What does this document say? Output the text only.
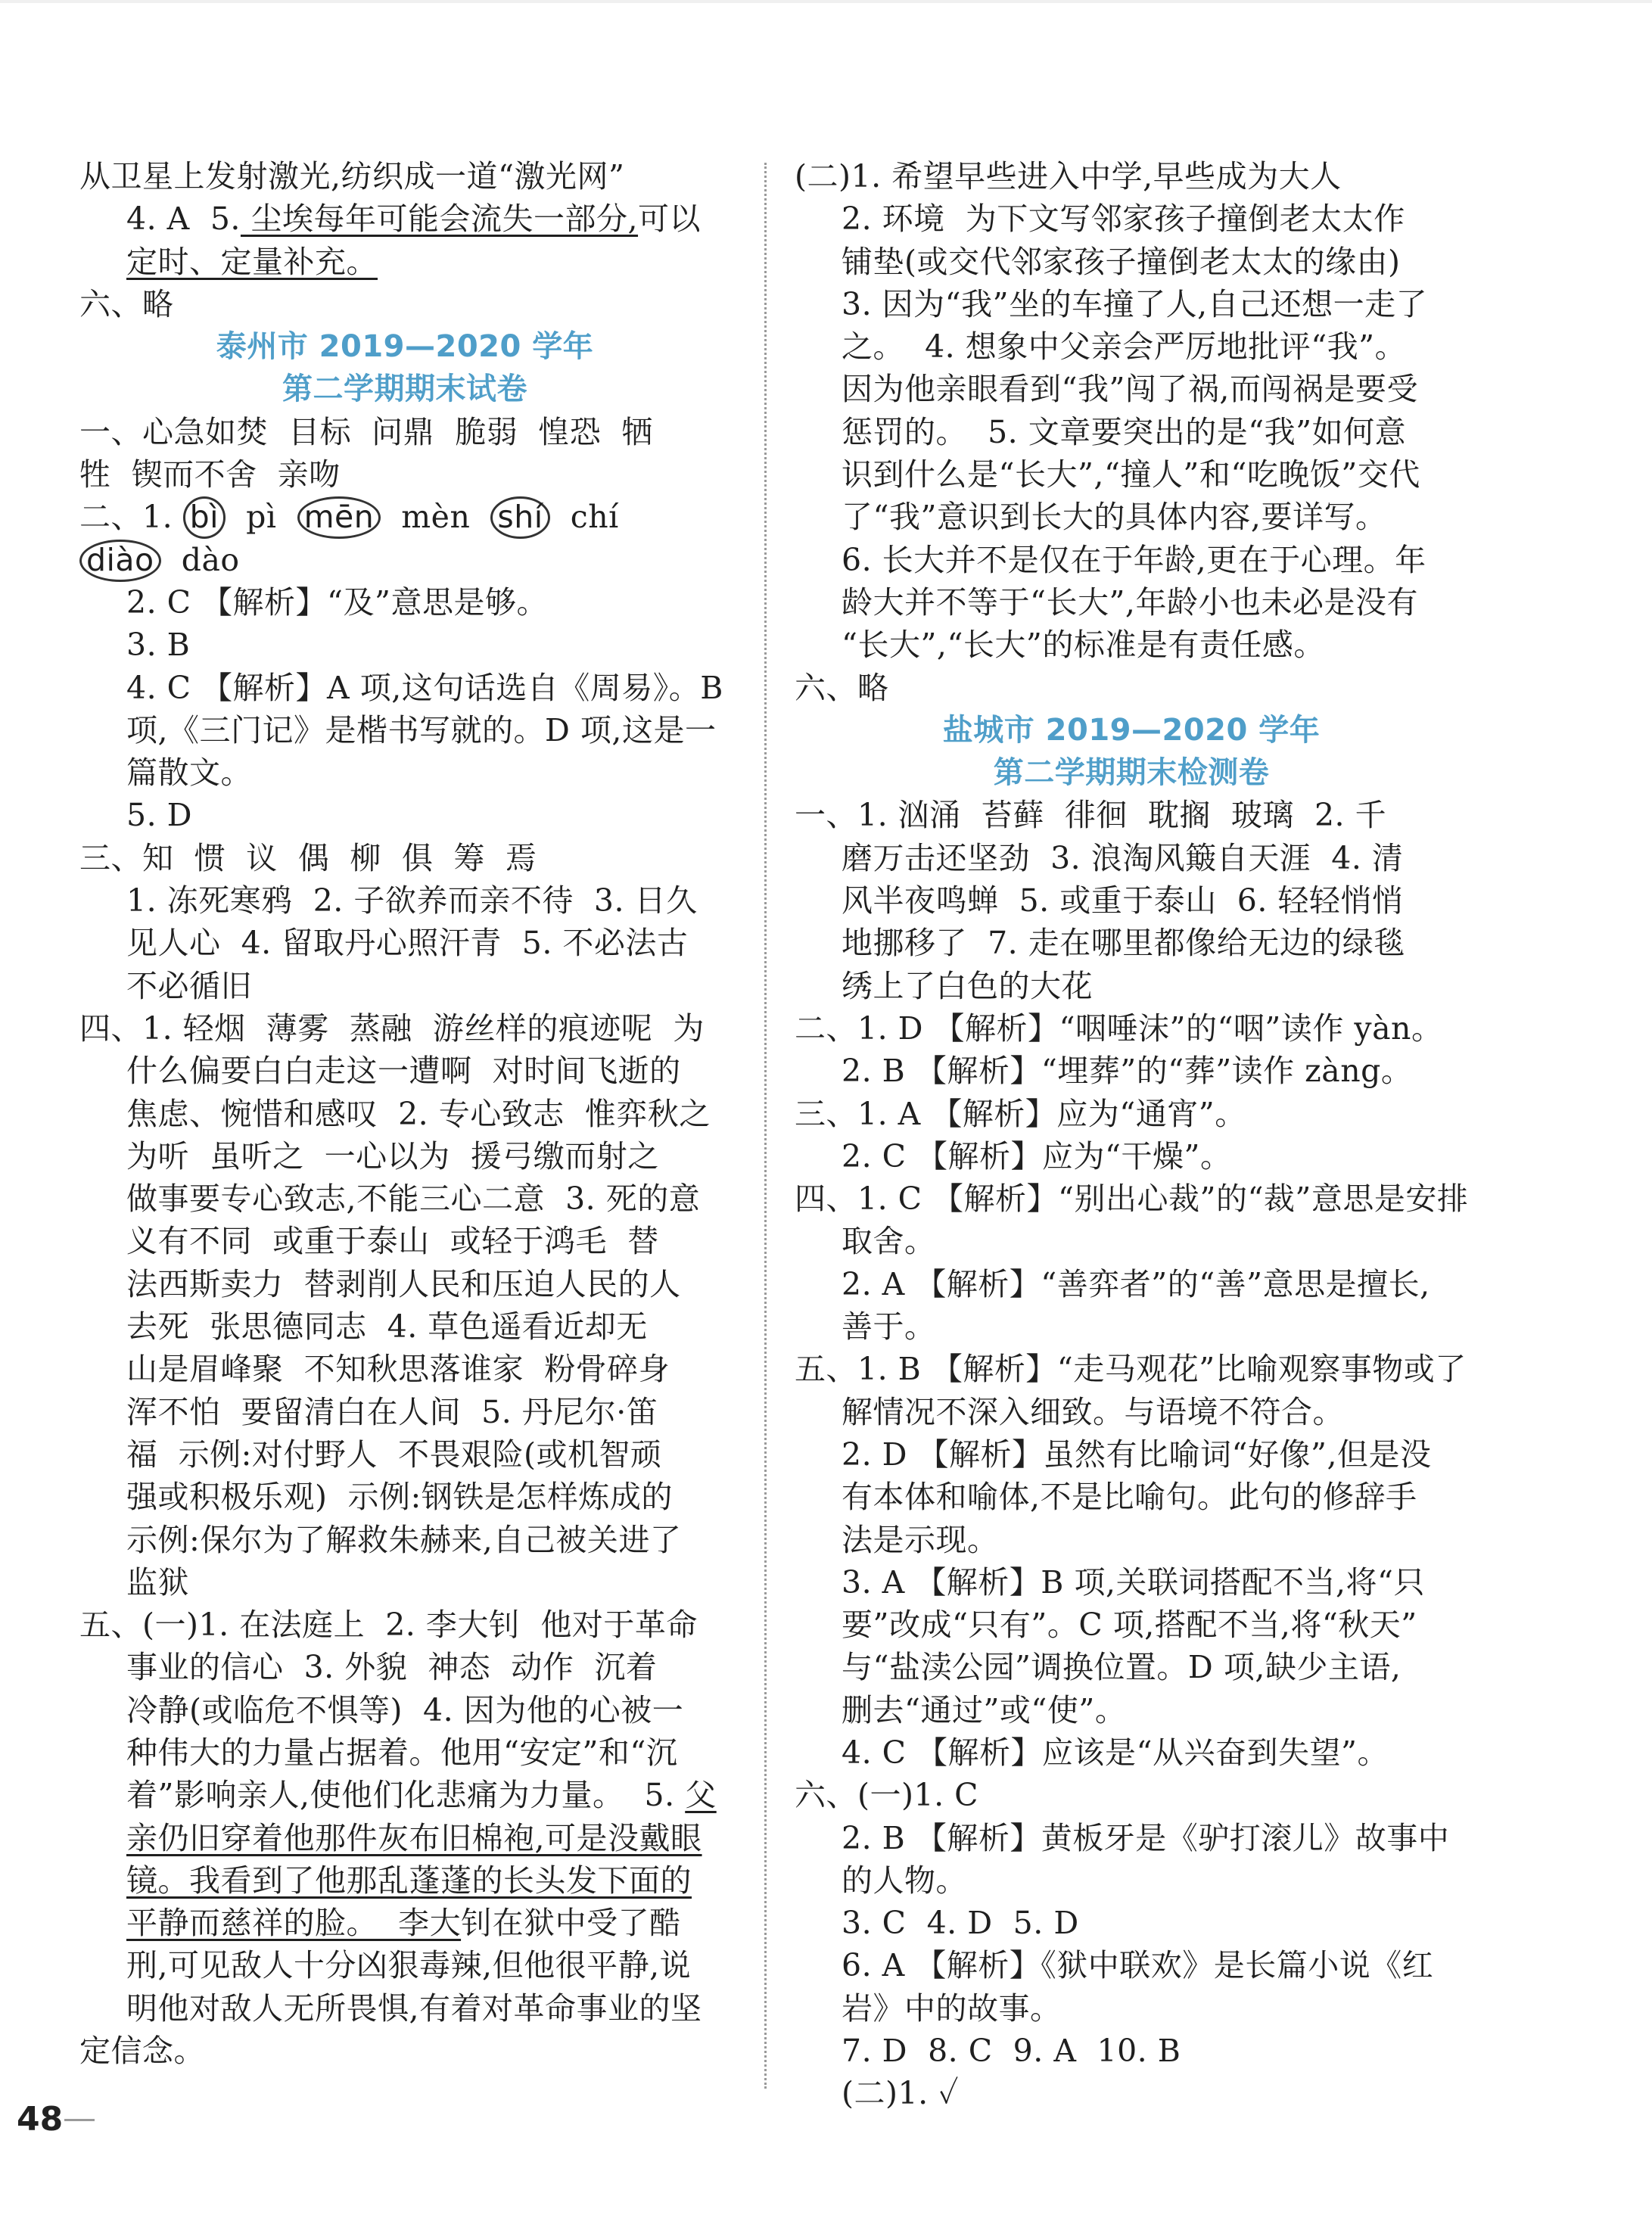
从卫星上发射激光,纺织成一道“激光网”
4. A  5. 尘埃每年可能会流失一部分,可以
定时、定量补充。
六、略
泰州市 2019—2020 学年
第二学期期末试卷
一、心急如焚  目标  问鼎  脆弱  惶恐  牺
牲  锲而不舍  亲吻
二、1. bì  pì  mēn  mèn  shí  chí
diào  dào
2. C 【解析】“及”意思是够。
3. B
4. C 【解析】A 项,这句话选自《周易》。B
项,《三门记》是楷书写就的。D 项,这是一
篇散文。
5. D
三、知  惯  议  偶  柳  俱  筹  焉
1. 冻死寒鸦  2. 子欲养而亲不待  3. 日久
见人心  4. 留取丹心照汗青  5. 不必法古
不必循旧
四、1. 轻烟  薄雾  蒸融  游丝样的痕迹呢  为
什么偏要白白走这一遭啊  对时间飞逝的
焦虑、惋惜和感叹  2. 专心致志  惟弈秋之
为听  虽听之  一心以为  援弓缴而射之
做事要专心致志,不能三心二意  3. 死的意
义有不同  或重于泰山  或轻于鸿毛  替
法西斯卖力  替剥削人民和压迫人民的人
去死  张思德同志  4. 草色遥看近却无
山是眉峰聚  不知秋思落谁家  粉骨碎身
浑不怕  要留清白在人间  5. 丹尼尔·笛
福  示例:对付野人  不畏艰险(或机智顽
强或积极乐观)  示例:钢铁是怎样炼成的
示例:保尔为了解救朱赫来,自己被关进了
监狱
五、(一)1. 在法庭上  2. 李大钊  他对于革命
事业的信心  3. 外貌  神态  动作  沉着
冷静(或临危不惧等)  4. 因为他的心被一
种伟大的力量占据着。他用“安定”和“沉
着”影响亲人,使他们化悲痛为力量。  5. 父
亲仍旧穿着他那件灰布旧棉袍,可是没戴眼
镜。我看到了他那乱蓬蓬的长头发下面的
平静而慈祥的脸。  李大钊在狱中受了酷
刑,可见敌人十分凶狠毒辣,但他很平静,说
明他对敌人无所畏惧,有着对革命事业的坚
定信念。
(二)1. 希望早些进入中学,早些成为大人
2. 环境  为下文写邻家孩子撞倒老太太作
铺垫(或交代邻家孩子撞倒老太太的缘由)
3. 因为“我”坐的车撞了人,自己还想一走了
之。  4. 想象中父亲会严厉地批评“我”。
因为他亲眼看到“我”闯了祸,而闯祸是要受
惩罚的。  5. 文章要突出的是“我”如何意
识到什么是“长大”,“撞人”和“吃晚饭”交代
了“我”意识到长大的具体内容,要详写。
6. 长大并不是仅在于年龄,更在于心理。年
龄大并不等于“长大”,年龄小也未必是没有
“长大”,“长大”的标准是有责任感。
六、略
盐城市 2019—2020 学年
第二学期期末检测卷
一、1. 汹涌  苔藓  徘徊  耽搁  玻璃  2. 千
磨万击还坚劲  3. 浪淘风簸自天涯  4. 清
风半夜鸣蝉  5. 或重于泰山  6. 轻轻悄悄
地挪移了  7. 走在哪里都像给无边的绿毯
绣上了白色的大花
二、1. D 【解析】“咽唾沫”的“咽”读作 yàn。
2. B 【解析】“埋葬”的“葬”读作 zàng。
三、1. A 【解析】应为“通宵”。
2. C 【解析】应为“干燥”。
四、1. C 【解析】“别出心裁”的“裁”意思是安排
取舍。
2. A 【解析】“善弈者”的“善”意思是擅长,
善于。
五、1. B 【解析】“走马观花”比喻观察事物或了
解情况不深入细致。与语境不符合。
2. D 【解析】虽然有比喻词“好像”,但是没
有本体和喻体,不是比喻句。此句的修辞手
法是示现。
3. A 【解析】B 项,关联词搭配不当,将“只
要”改成“只有”。C 项,搭配不当,将“秋天”
与“盐渎公园”调换位置。D 项,缺少主语,
删去“通过”或“使”。
4. C 【解析】应该是“从兴奋到失望”。
六、(一)1. C
2. B 【解析】黄板牙是《驴打滚儿》故事中
的人物。
3. C  4. D  5. D
6. A 【解析】《狱中联欢》是长篇小说《红
岩》中的故事。
7. D  8. C  9. A  10. B
(二)1. ✓
48
